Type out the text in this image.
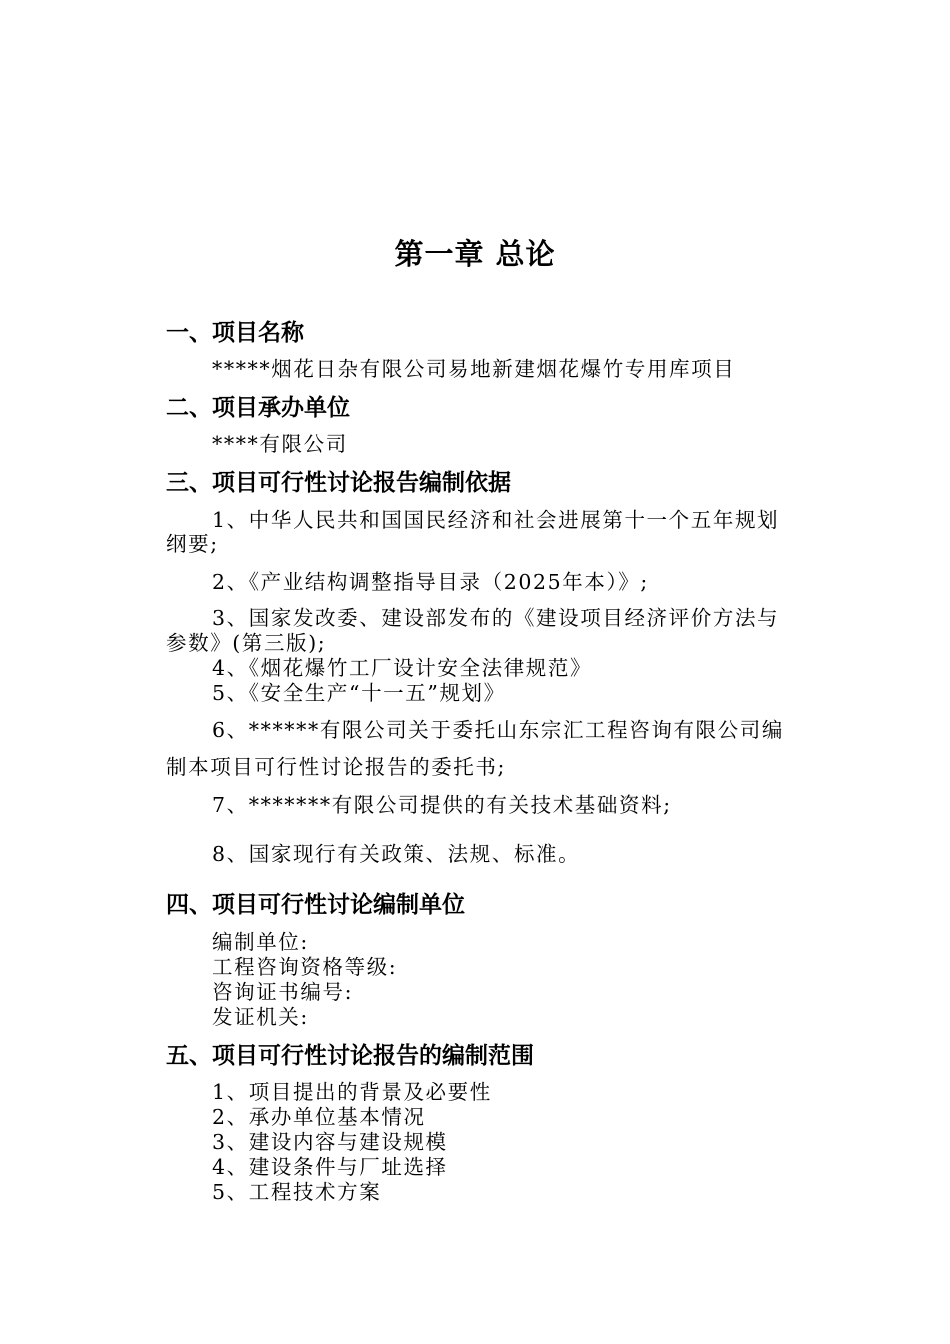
第一章 总论
一、项目名称
*****烟花日杂有限公司易地新建烟花爆竹专用库项目
二、项目承办单位
****有限公司
三、项目可行性讨论报告编制依据
1、中华人民共和国国民经济和社会进展第十一个五年规划
纲要;
2、《产业结构调整指导目录（2025年本）》;
3、国家发改委、建设部发布的《建设项目经济评价方法与
参数》(第三版);
4、《烟花爆竹工厂设计安全法律规范》
5、《安全生产“十一五”规划》
6、******有限公司关于委托山东宗汇工程咨询有限公司编
制本项目可行性讨论报告的委托书;
7、*******有限公司提供的有关技术基础资料;
8、国家现行有关政策、法规、标准。
四、项目可行性讨论编制单位
编制单位:
工程咨询资格等级:
咨询证书编号:
发证机关:
五、项目可行性讨论报告的编制范围
1、项目提出的背景及必要性
2、承办单位基本情况
3、建设内容与建设规模
4、建设条件与厂址选择
5、工程技术方案
